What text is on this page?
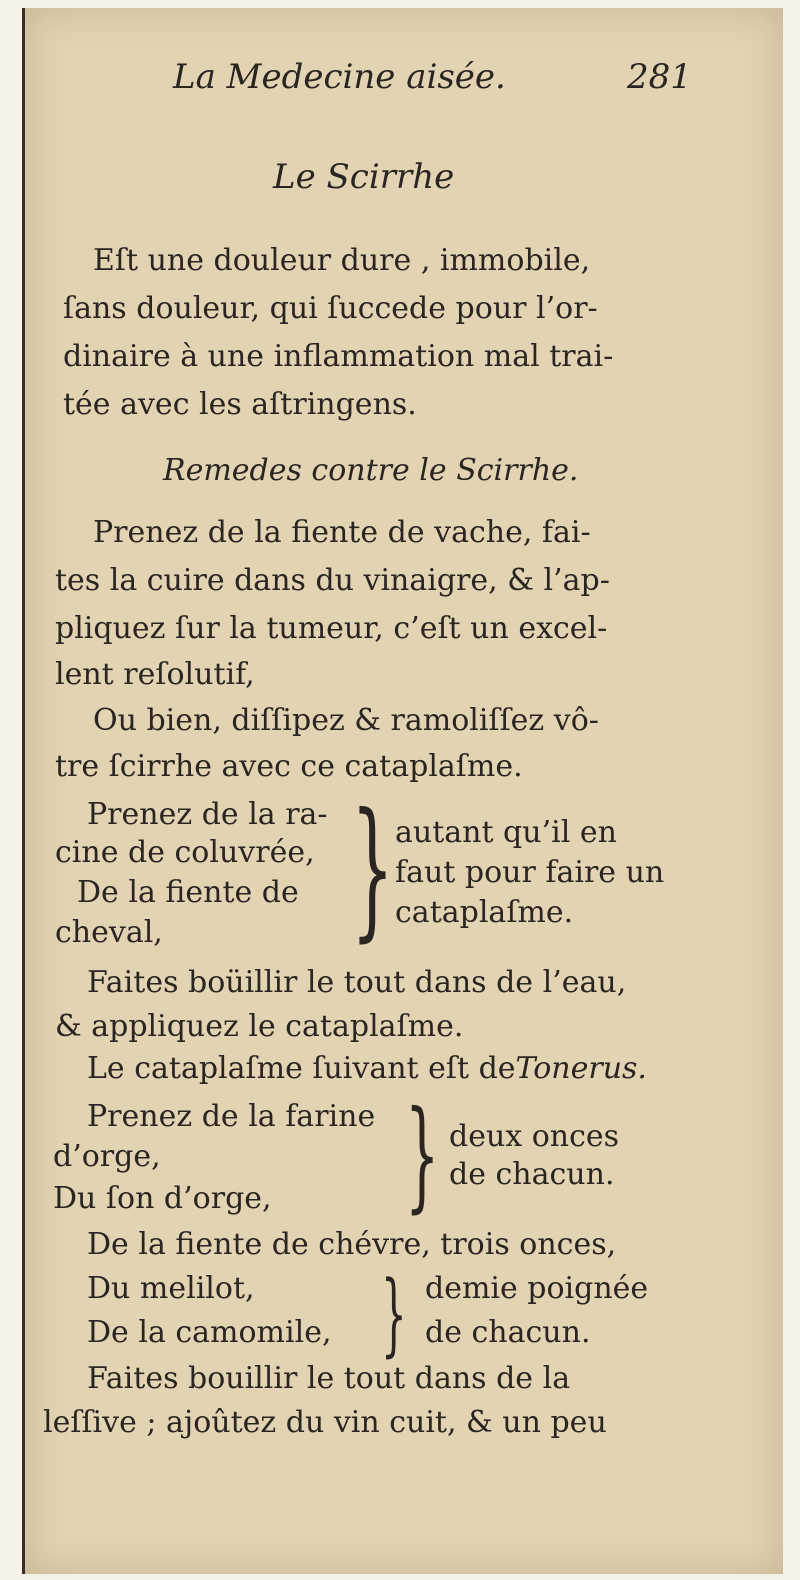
La Medecine aisée.	281
Le Scirrhe
Eſt une douleur dure , immobile,
ſans douleur, qui ſuccede pour l’or-
dinaire à une inflammation mal trai-
tée avec les aſtringens.
Remedes contre le Scirrhe.
Prenez de la fiente de vache, fai-
tes la cuire dans du vinaigre, & l’ap-
pliquez ſur la tumeur, c’eſt un excel-
lent reſolutif,
Ou bien, diſſipez & ramoliſſez vô-
tre ſcirrhe avec ce cataplaſme.
Prenez de la ra-
cine de coluvrée,
De la fiente de
cheval, } autant qu’il en
faut pour faire un
cataplaſme.
Faites boüillir le tout dans de l’eau,
& appliquez le cataplaſme.
Le cataplaſme ſuivant eſt deTonerus.
Prenez de la farine
d’orge,
Du ſon d’orge, } deux onces
de chacun.
De la fiente de chévre, trois onces,
Du melilot,
De la camomile, } demie poignée
de chacun.
Faites bouillir le tout dans de la
leſſive ; ajoûtez du vin cuit, & un peu
